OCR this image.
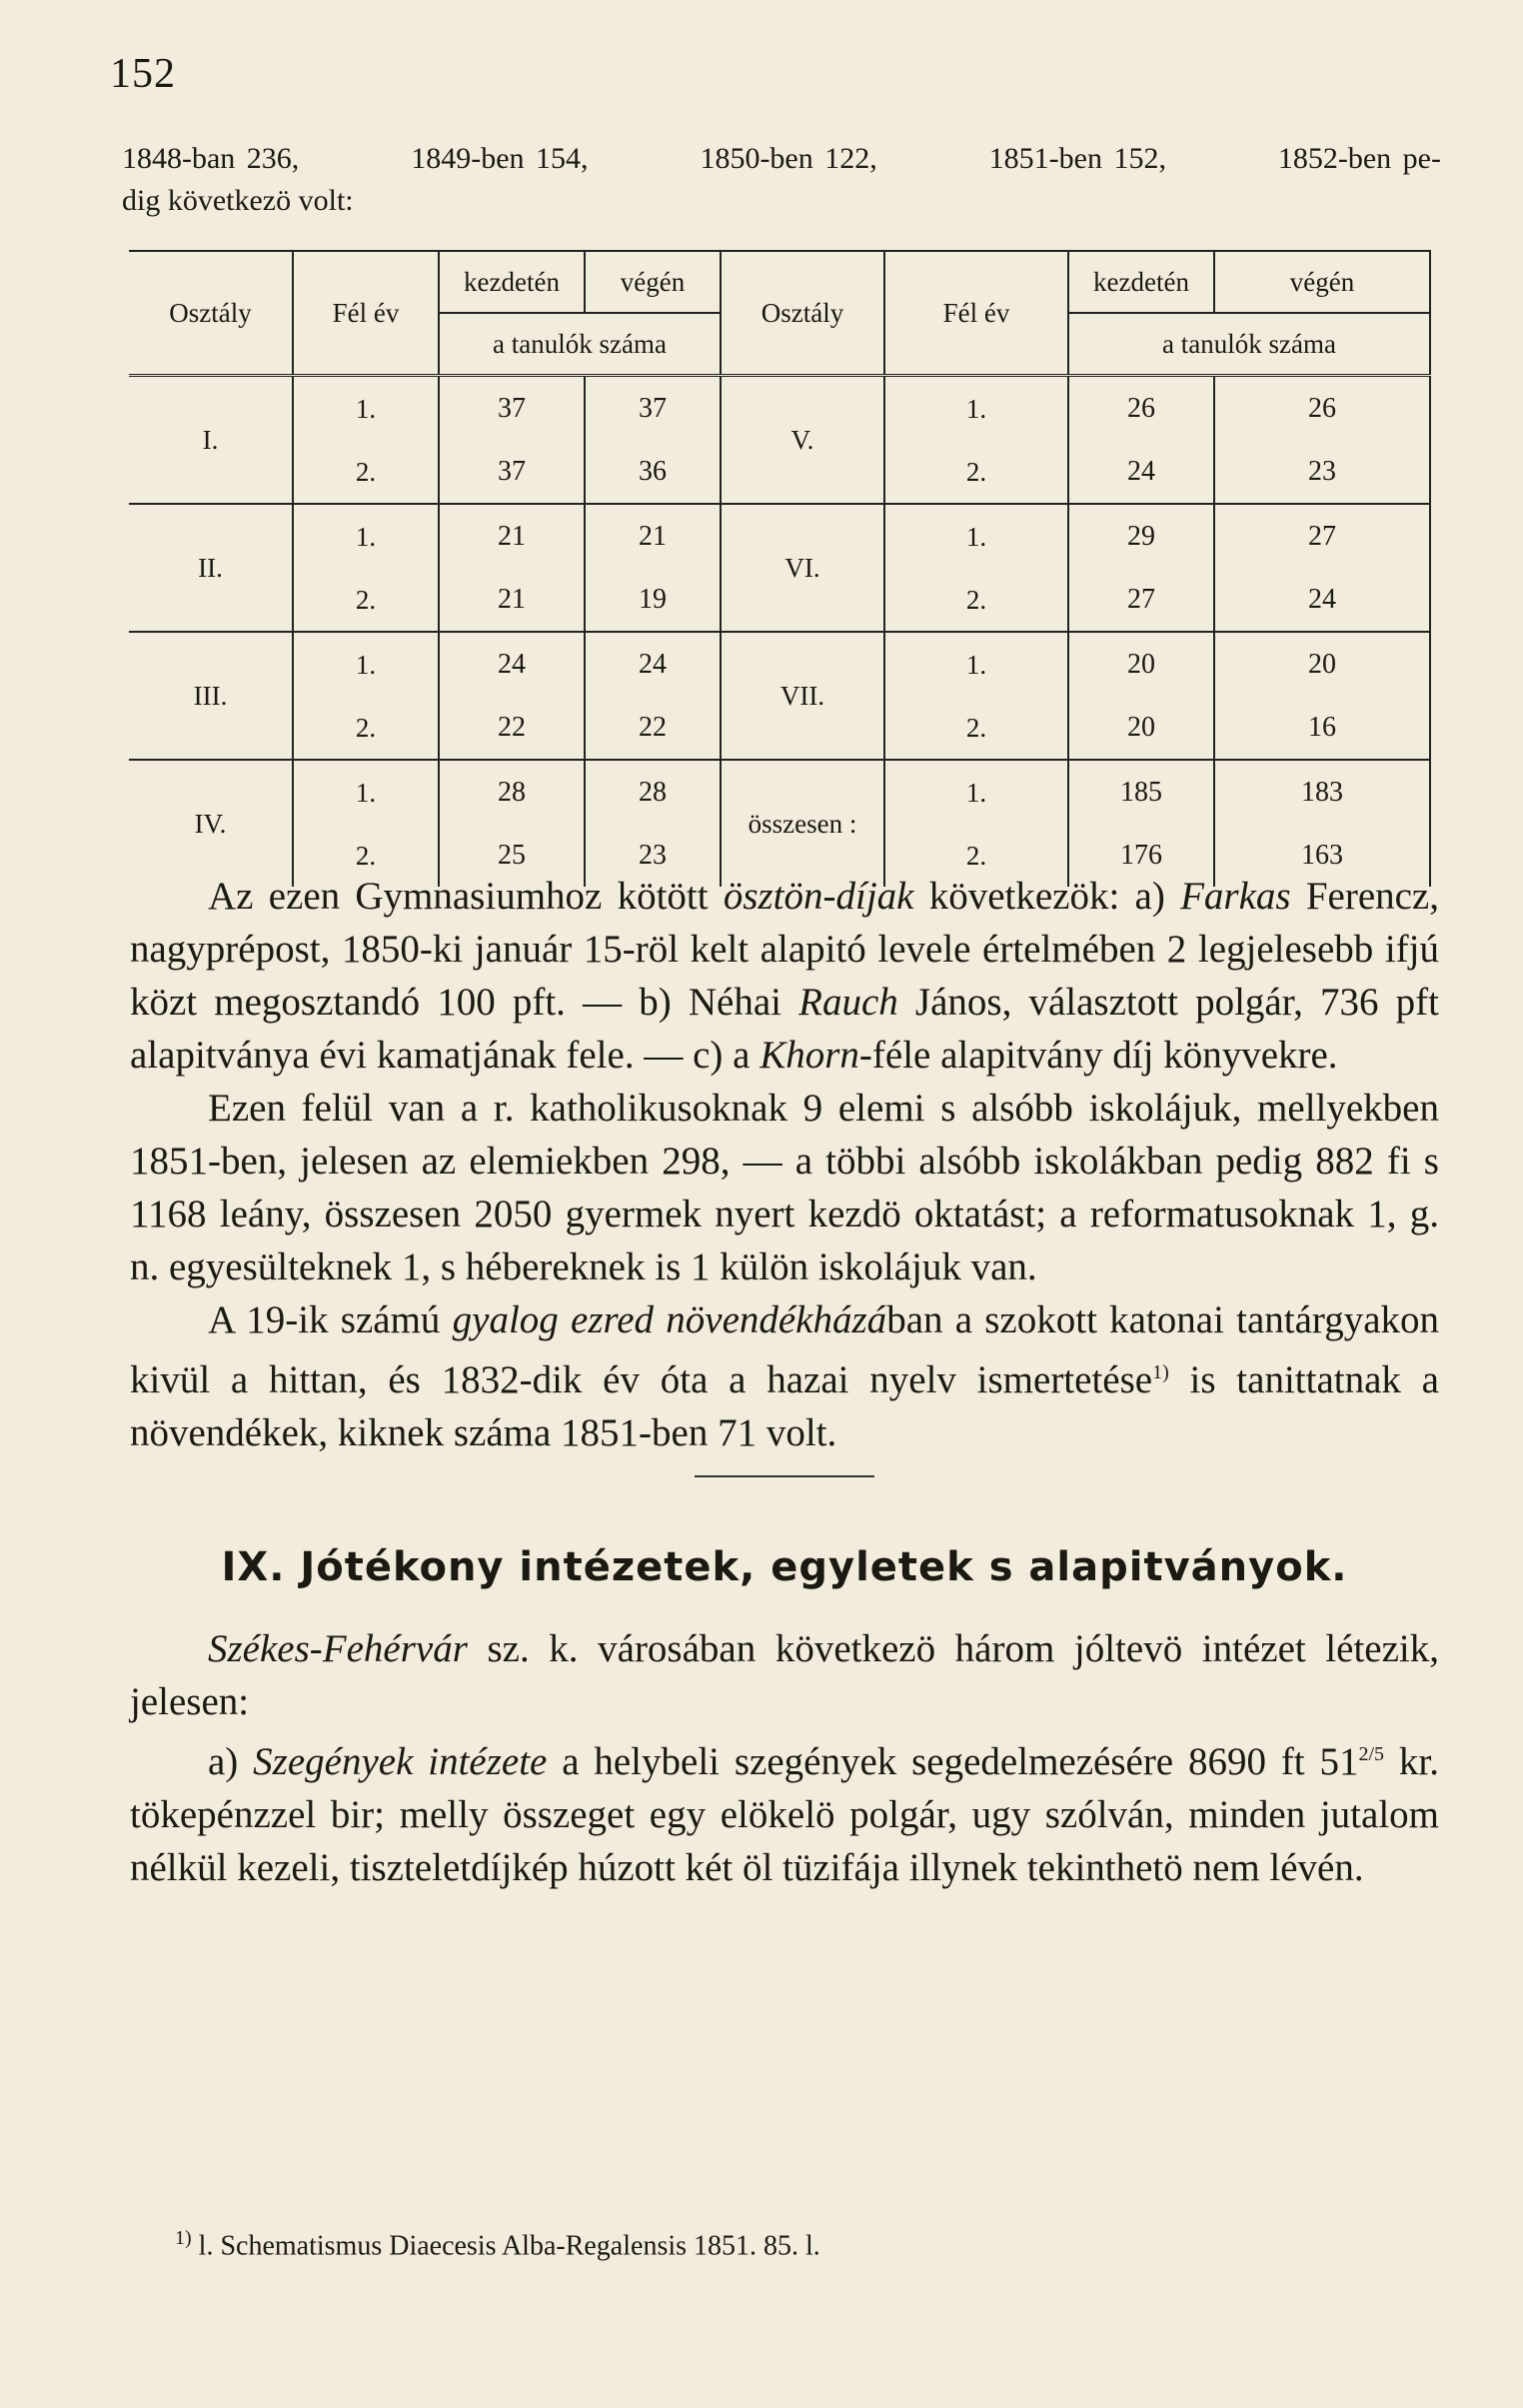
152
1848-ban 236,	1849-ben 154,	1850-ben 122,	1851-ben 152,	1852-ben pe-
dig következö volt:
Osztály	Fél év	kezdetén	végén	Osztály	Fél év	kezdetén	végén
		a tanulók száma				a tanulók száma	
I.	1.	37	37	V.	1.	26	26
	2.	37	36		2.	24	23
II.	1.	21	21	VI.	1.	29	27
	2.	21	19		2.	27	24
III.	1.	24	24	VII.	1.	20	20
	2.	22	22		2.	20	16
IV.	1.	28	28	összesen :	1.	185	183
	2.	25	23		2.	176	163

Az ezen Gymnasiumhoz kötött ösztön-díjak következök: a) Farkas Ferencz, nagyprépost, 1850-ki január 15-röl kelt alapitó levele értelmében 2 legjelesebb ifjú közt megosztandó 100 pft. — b) Néhai Rauch János, választott polgár, 736 pft alapitványa évi kamatjának fele. — c) a Khorn-féle alapitvány díj könyvekre.

Ezen felül van a r. katholikusoknak 9 elemi s alsóbb iskolájuk, mellyekben 1851-ben, jelesen az elemiekben 298, — a többi alsóbb iskolákban pedig 882 fi s 1168 leány, összesen 2050 gyermek nyert kezdö oktatást; a reformatusoknak 1, g. n. egyesülteknek 1, s hébereknek is 1 külön iskolájuk van.

A 19-ik számú gyalog ezred növendékházában a szokott katonai tantárgyakon kivül a hittan, és 1832-dik év óta a hazai nyelv ismertetése$^{1)}$ is tanittatnak a növendékek, kiknek száma 1851-ben 71 volt.

IX. Jótékony intézetek, egyletek s alapitványok.

Székes-Fehérvár sz. k. városában következö három jóltevö intézet létezik, jelesen:

a) Szegények intézete a helybeli szegények segedelmezésére 8690 ft $51^{2/5}$ kr. tökepénzzel bir; melly összeget egy elökelö polgár, ugy szólván, minden jutalom nélkül kezeli, tiszteletdíjkép húzott két öl tüzifája illynek tekinthetö nem lévén.

$^{1)}$ l. Schematismus Diaecesis Alba-Regalensis 1851. 85. l.
